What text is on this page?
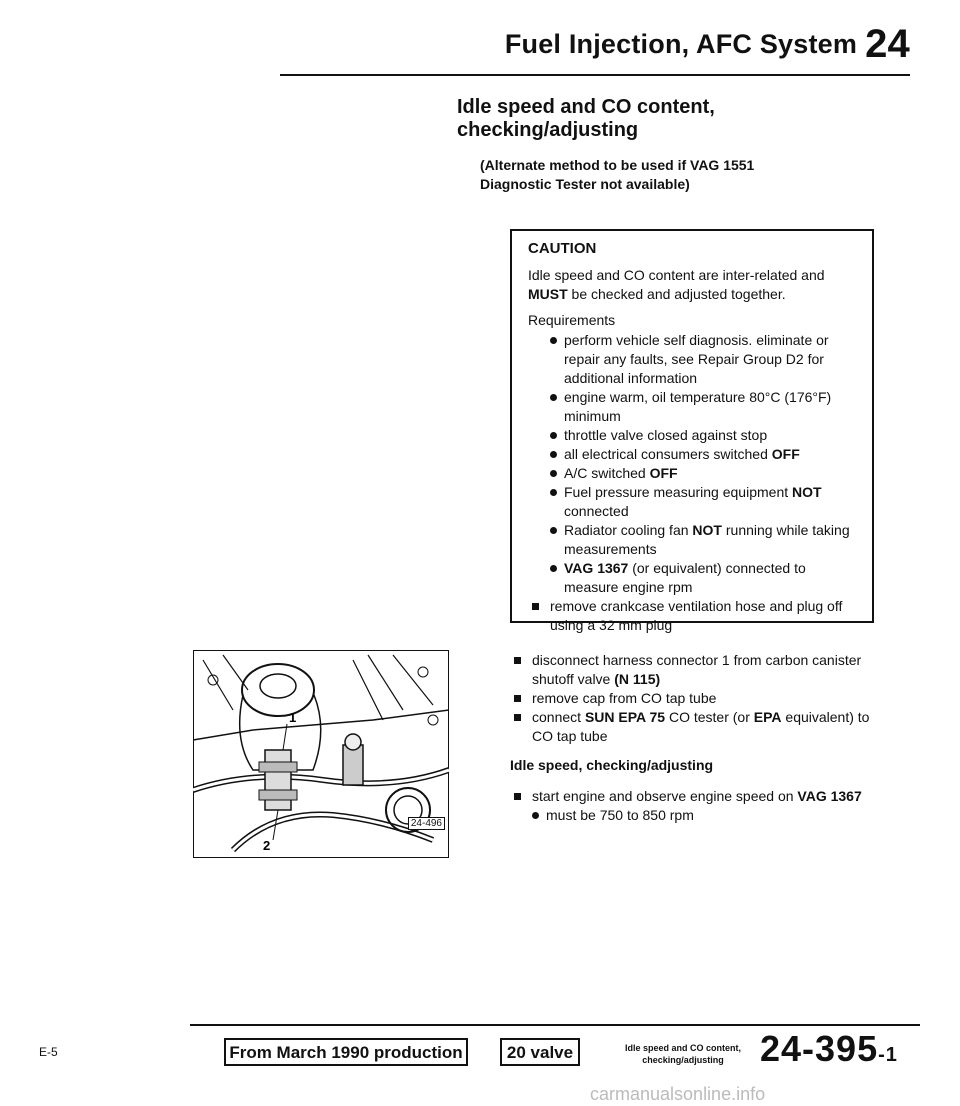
Fuel Injection, AFC System 24
Idle speed and CO content,
checking/adjusting
(Alternate method to be used if VAG 1551
Diagnostic Tester not available)

CAUTION

Idle speed and CO content are inter-related and MUST be checked and adjusted together.

Requirements

perform vehicle self diagnosis. eliminate or repair any faults, see Repair Group D2 for additional information
engine warm, oil temperature 80°C (176°F) minimum
throttle valve closed against stop
all electrical consumers switched OFF
A/C switched OFF
Fuel pressure measuring equipment NOT connected
Radiator cooling fan NOT running while taking measurements
VAG 1367 (or equivalent) connected to measure engine rpm
remove crankcase ventilation hose and plug off using a 32 mm plug
1
2
24-496
disconnect harness connector 1 from carbon canister shutoff valve (N 115)
remove cap from CO tap tube
connect SUN EPA 75 CO tester (or EPA equivalent) to CO tap tube
Idle speed, checking/adjusting
start engine and observe engine speed on VAG 1367
must be 750 to 850 rpm
E-5	From March 1990 production	20 valve	Idle speed and CO content,
checking/adjusting	24-395-1
carmanualsonline.info
